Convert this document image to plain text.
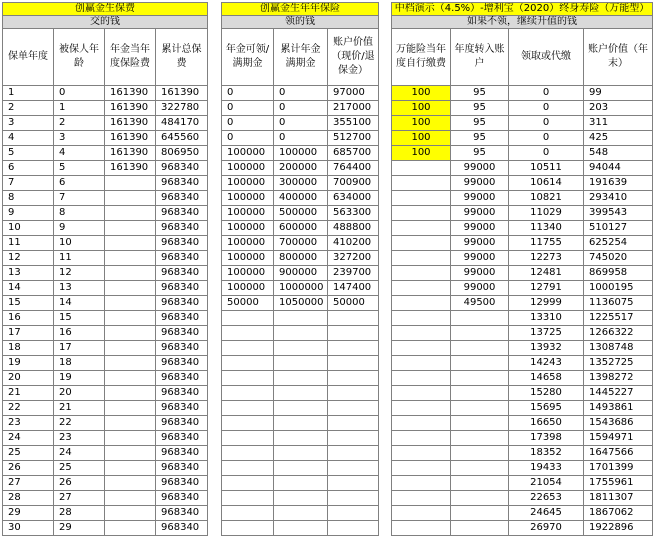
创赢金生保费			
交的钱			
保单年度	被保人年龄	年金当年度保险费	累计总保费
1	0	161390	161390
2	1	161390	322780
3	2	161390	484170
4	3	161390	645560
5	4	161390	806950
6	5	161390	968340
7	6		968340
8	7		968340
9	8		968340
10	9		968340
11	10		968340
12	11		968340
13	12		968340
14	13		968340
15	14		968340
16	15		968340
17	16		968340
18	17		968340
19	18		968340
20	19		968340
21	20		968340
22	21		968340
23	22		968340
24	23		968340
25	24		968340
26	25		968340
27	26		968340
28	27		968340
29	28		968340
30	29		968340
创赢金生年年保险		
领的钱		
年金可领/满期金	累计年金满期金	账户价值（现价/退保金）
0	0	97000
0	0	217000
0	0	355100
0	0	512700
100000	100000	685700
100000	200000	764400
100000	300000	700900
100000	400000	634000
100000	500000	563300
100000	600000	488800
100000	700000	410200
100000	800000	327200
100000	900000	239700
100000	1000000	147400
50000	1050000	50000

中档演示（4.5%）-增利宝（2020）终身寿险（万能型）			
如果不领，继续升值的钱			
万能险当年度自行缴费	年度转入账户	领取或代缴	账户价值（年末）
100	95	0	99
100	95	0	203
100	95	0	311
100	95	0	425
100	95	0	548
	99000	10511	94044
	99000	10614	191639
	99000	10821	293410
	99000	11029	399543
	99000	11340	510127
	99000	11755	625254
	99000	12273	745020
	99000	12481	869958
	99000	12791	1000195
	49500	12999	1136075
		13310	1225517
		13725	1266322
		13932	1308748
		14243	1352725
		14658	1398272
		15280	1445227
		15695	1493861
		16650	1543686
		17398	1594971
		18352	1647566
		19433	1701399
		21054	1755961
		22653	1811307
		24645	1867062
		26970	1922896
